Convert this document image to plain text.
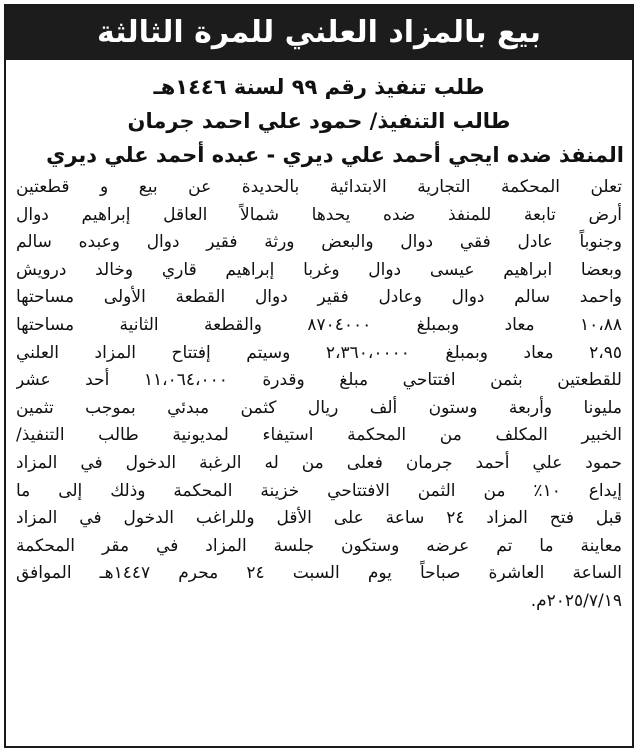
بيع بالمزاد العلني للمرة الثالثة
طلب تنفيذ رقم ٩٩ لسنة ١٤٤٦هـ
طالب التنفيذ/ حمود علي احمد جرمان
المنفذ ضده ايجي أحمد علي ديري - عبده أحمد علي ديري
تعلن المحكمة التجارية الابتدائية بالحديدة عن بيع و قطعتين
أرض تابعة للمنفذ ضده يحدها شمالاً العاقل إبراهيم دوال
وجنوباً عادل فقي دوال والبعض ورثة فقير دوال وعبده سالم
وبعضا ابراهيم عيسى دوال وغربا إبراهيم قاري وخالد درويش
واحمد سالم دوال وعادل فقير دوال القطعة الأولى مساحتها
١٠،٨٨ معاد وبمبلغ ٨٧٠٤٠٠٠ والقطعة الثانية مساحتها
٢،٩٥ معاد وبمبلغ ٢،٣٦٠،٠٠٠٠ وسيتم إفتتاح المزاد العلني
للقطعتين بثمن افتتاحي مبلغ وقدرة ١١،٠٦٤،٠٠٠ أحد عشر
مليونا وأربعة وستون ألف ريال كثمن مبدئي بموجب تثمين
الخبير المكلف من المحكمة استيفاء لمديونية طالب التنفيذ/
حمود علي أحمد جرمان فعلى من له الرغبة الدخول في المزاد
إيداع ١٠٪ من الثمن الافتتاحي خزينة المحكمة وذلك إلى ما
قبل فتح المزاد ٢٤ ساعة على الأقل وللراغب الدخول في المزاد
معاينة ما تم عرضه وستكون جلسة المزاد في مقر المحكمة
الساعة العاشرة صباحاً يوم السبت ٢٤ محرم ١٤٤٧هـ الموافق
٢٠٢٥/٧/١٩م.
